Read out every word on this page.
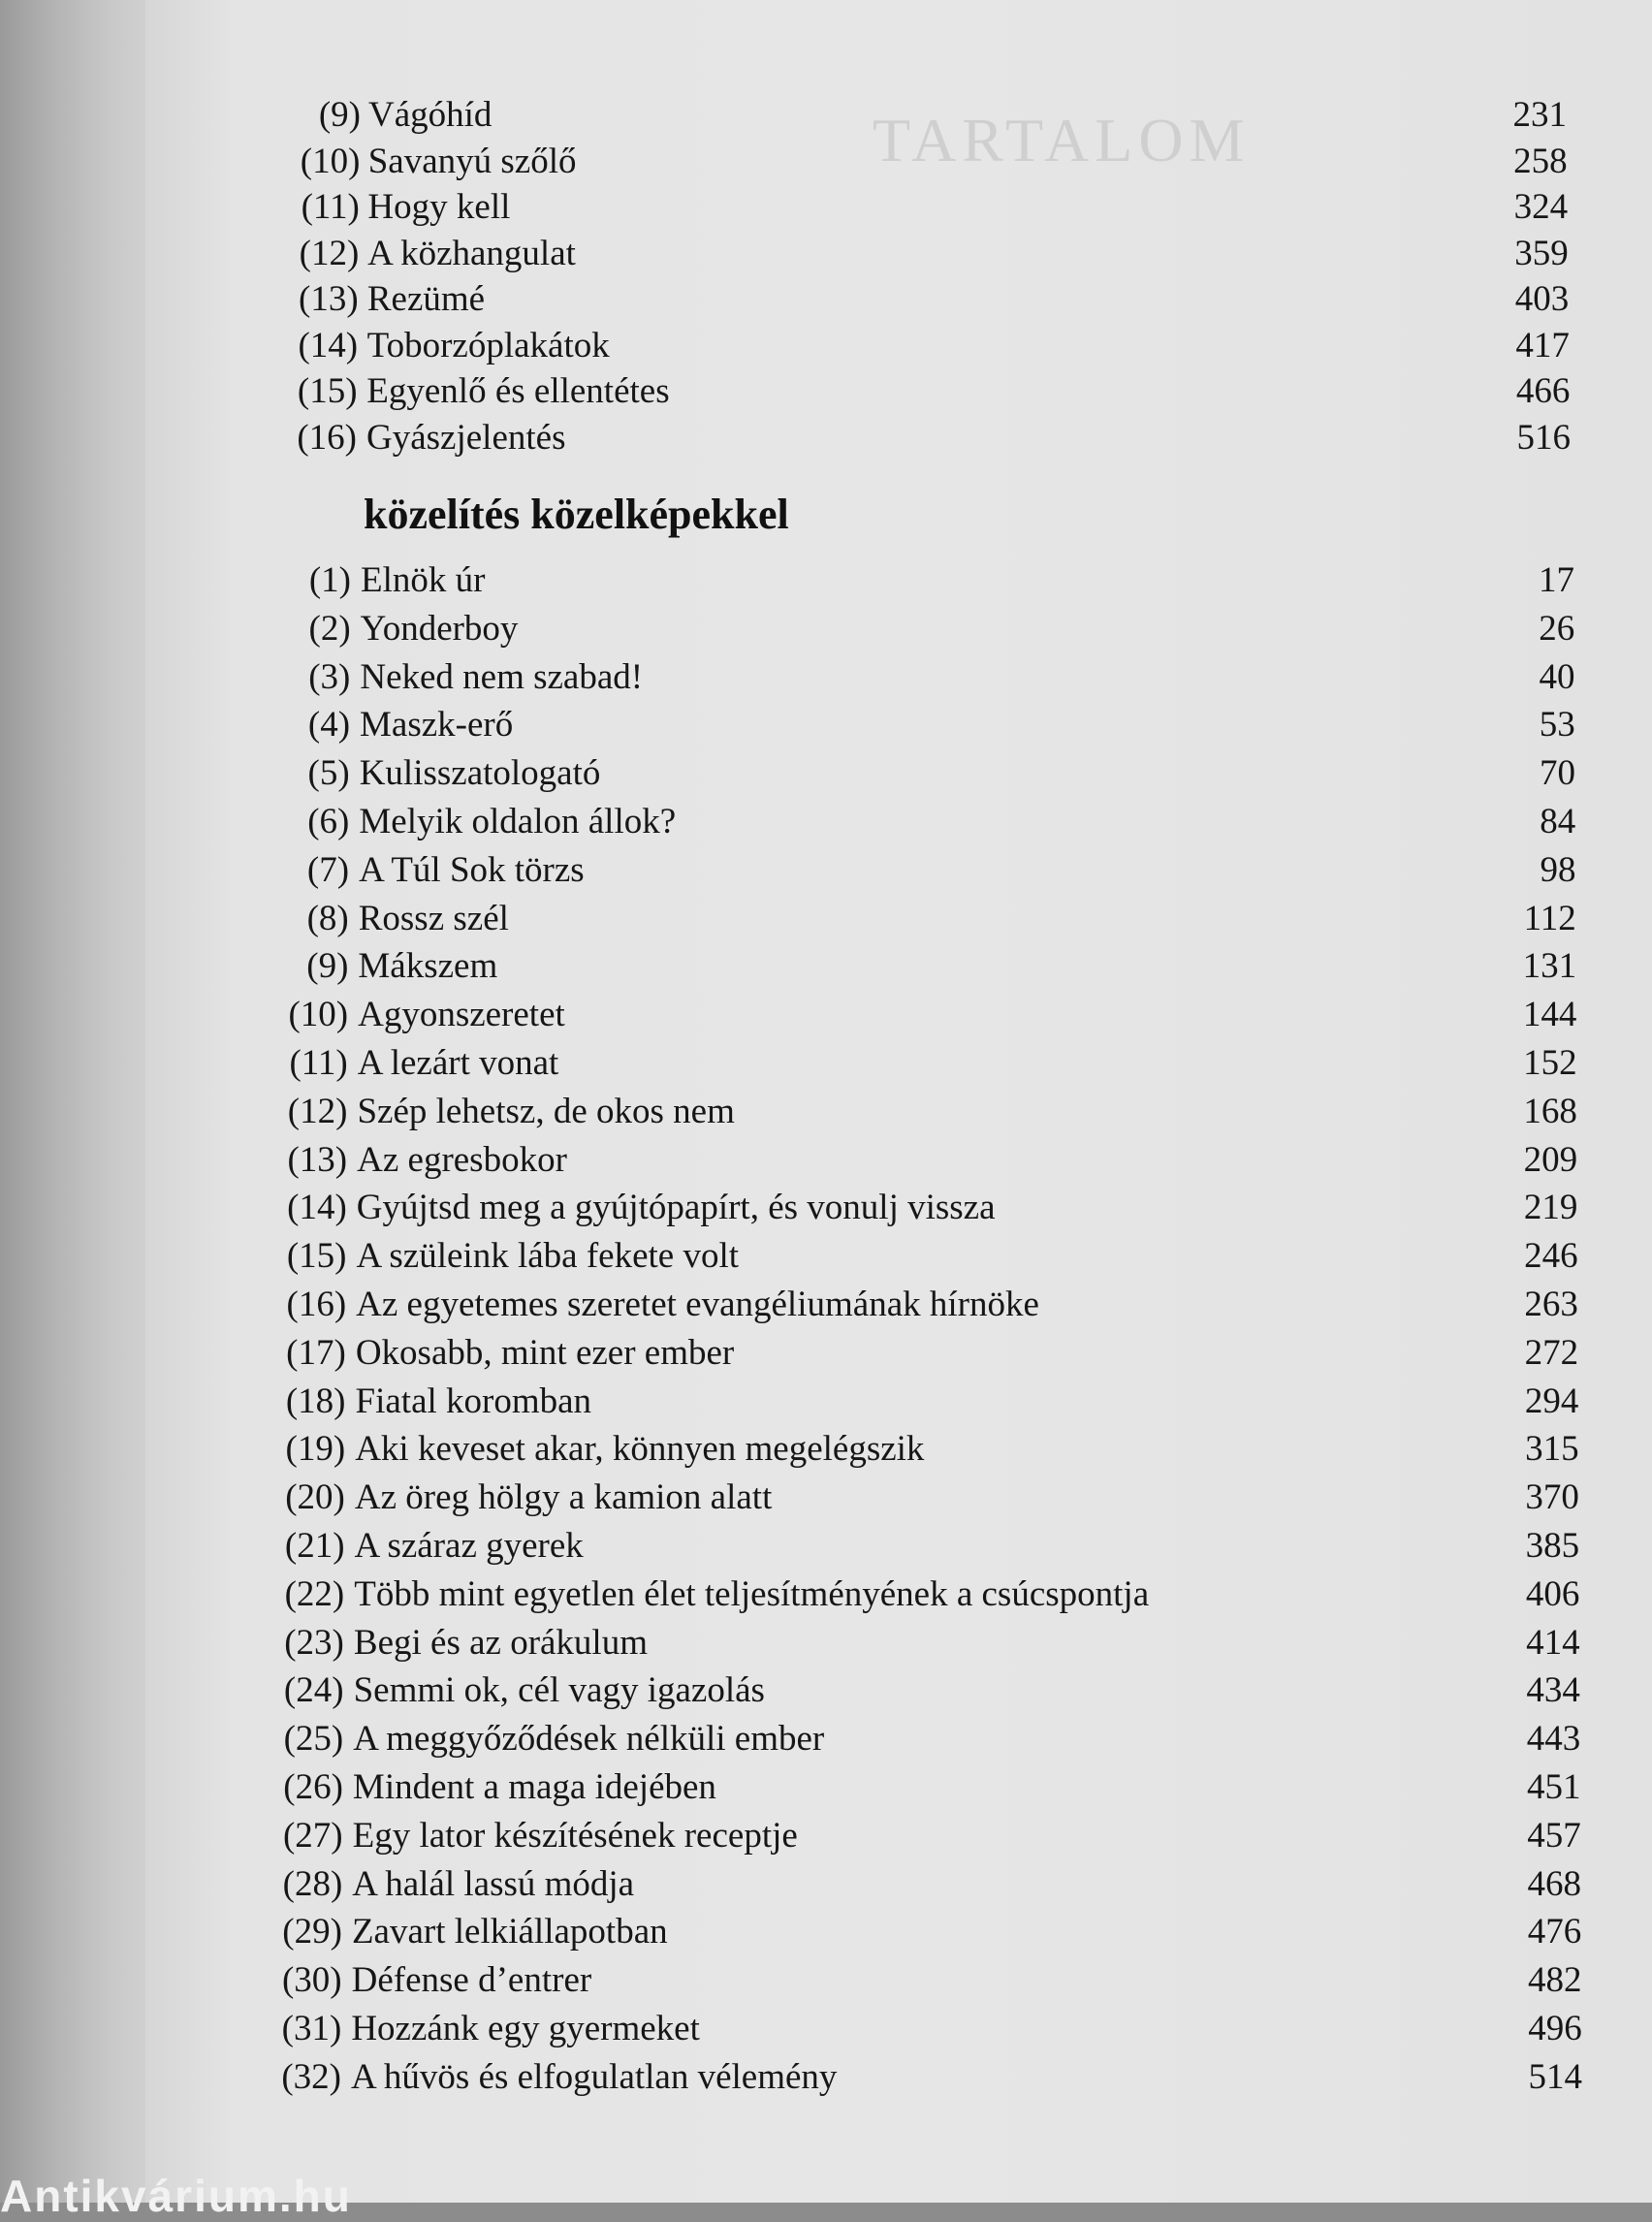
TARTALOM
közelítés közelképekkel
(9) Vágóhíd	231
(10) Savanyú szőlő	258
(11) Hogy kell	324
(12) A közhangulat	359
(13) Rezümé	403
(14) Toborzóplakátok	417
(15) Egyenlő és ellentétes	466
(16) Gyászjelentés	516
(1) Elnök úr	17
(2) Yonderboy	26
(3) Neked nem szabad!	40
(4) Maszk-erő	53
(5) Kulisszatologató	70
(6) Melyik oldalon állok?	84
(7) A Túl Sok törzs	98
(8) Rossz szél	112
(9) Mákszem	131
(10) Agyonszeretet	144
(11) A lezárt vonat	152
(12) Szép lehetsz, de okos nem	168
(13) Az egresbokor	209
(14) Gyújtsd meg a gyújtópapírt, és vonulj vissza	219
(15) A szüleink lába fekete volt	246
(16) Az egyetemes szeretet evangéliumának hírnöke	263
(17) Okosabb, mint ezer ember	272
(18) Fiatal koromban	294
(19) Aki keveset akar, könnyen megelégszik	315
(20) Az öreg hölgy a kamion alatt	370
(21) A száraz gyerek	385
(22) Több mint egyetlen élet teljesítményének a csúcspontja	406
(23) Begi és az orákulum	414
(24) Semmi ok, cél vagy igazolás	434
(25) A meggyőződések nélküli ember	443
(26) Mindent a maga idejében	451
(27) Egy lator készítésének receptje	457
(28) A halál lassú módja	468
(29) Zavart lelkiállapotban	476
(30) Défense d’entrer	482
(31) Hozzánk egy gyermeket	496
(32) A hűvös és elfogulatlan vélemény	514
Antikvárium.hu
